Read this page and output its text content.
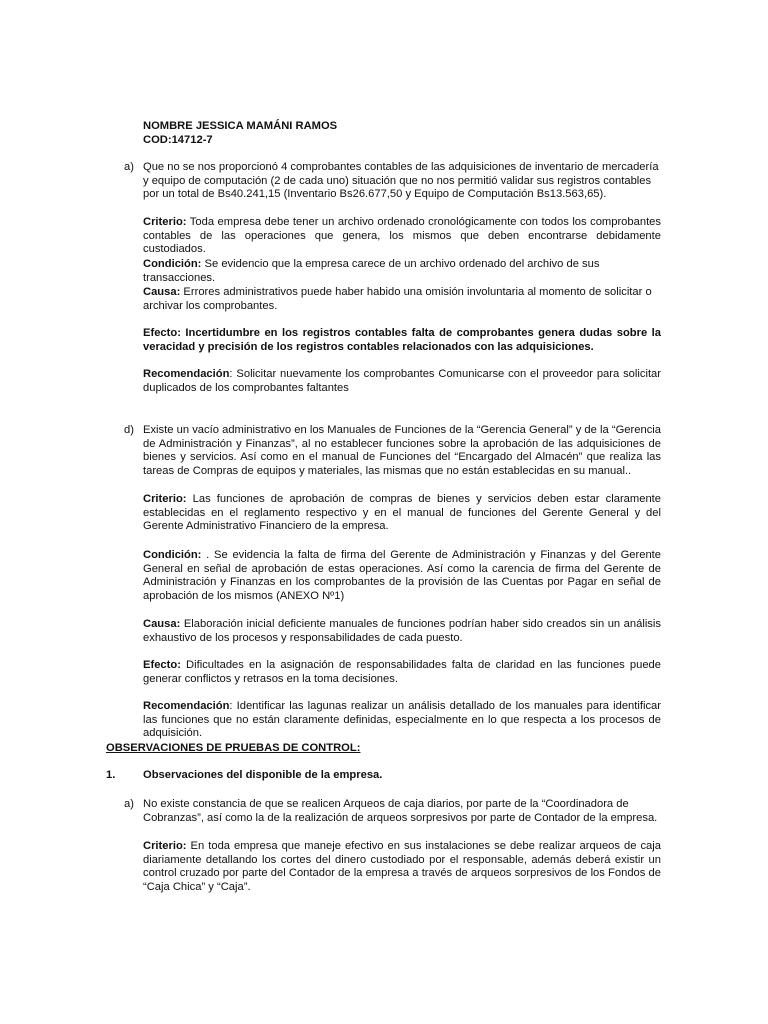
NOMBRE JESSICA MAMÁNI RAMOS

COD:14712-7

a) Que no se nos proporcionó 4 comprobantes contables de las adquisiciones de inventario de mercadería y equipo de computación (2 de cada uno) situación que no nos permitió validar sus registros contables por un total de Bs40.241,15 (Inventario Bs26.677,50 y Equipo de Computación Bs13.563,65).

Criterio: Toda empresa debe tener un archivo ordenado cronológicamente con todos los comprobantes contables de las operaciones que genera, los mismos que deben encontrarse debidamente custodiados.

Condición: Se evidencio que la empresa carece de un archivo ordenado del archivo de sus transacciones.

Causa: Errores administrativos puede haber habido una omisión involuntaria al momento de solicitar o archivar los comprobantes.

Efecto: Incertidumbre en los registros contables falta de comprobantes genera dudas sobre la veracidad y precisión de los registros contables relacionados con las adquisiciones.

Recomendación: Solicitar nuevamente los comprobantes Comunicarse con el proveedor para solicitar duplicados de los comprobantes faltantes

d) Existe un vacío administrativo en los Manuales de Funciones de la “Gerencia General” y de la “Gerencia de Administración y Finanzas”, al no establecer funciones sobre la aprobación de las adquisiciones de bienes y servicios. Así como en el manual de Funciones del “Encargado del Almacén” que realiza las tareas de Compras de equipos y materiales, las mismas que no están establecidas en su manual..

Criterio: Las funciones de aprobación de compras de bienes y servicios deben estar claramente establecidas en el reglamento respectivo y en el manual de funciones del Gerente General y del Gerente Administrativo Financiero de la empresa.

Condición: . Se evidencia la falta de firma del Gerente de Administración y Finanzas y del Gerente General en señal de aprobación de estas operaciones. Así como la carencia de firma del Gerente de Administración y Finanzas en los comprobantes de la provisión de las Cuentas por Pagar en señal de aprobación de los mismos (ANEXO Nº1)

Causa: Elaboración inicial deficiente manuales de funciones podrían haber sido creados sin un análisis exhaustivo de los procesos y responsabilidades de cada puesto.

Efecto: Dificultades en la asignación de responsabilidades falta de claridad en las funciones puede generar conflictos y retrasos en la toma decisiones.

Recomendación: Identificar las lagunas realizar un análisis detallado de los manuales para identificar las funciones que no están claramente definidas, especialmente en lo que respecta a los procesos de adquisición.

OBSERVACIONES DE PRUEBAS DE CONTROL:

1. Observaciones del disponible de la empresa.

a) No existe constancia de que se realicen Arqueos de caja diarios, por parte de la “Coordinadora de Cobranzas”, así como la de la realización de arqueos sorpresivos por parte de Contador de la empresa.

Criterio: En toda empresa que maneje efectivo en sus instalaciones se debe realizar arqueos de caja diariamente detallando los cortes del dinero custodiado por el responsable, además deberá existir un control cruzado por parte del Contador de la empresa a través de arqueos sorpresivos de los Fondos de “Caja Chica” y “Caja”.
